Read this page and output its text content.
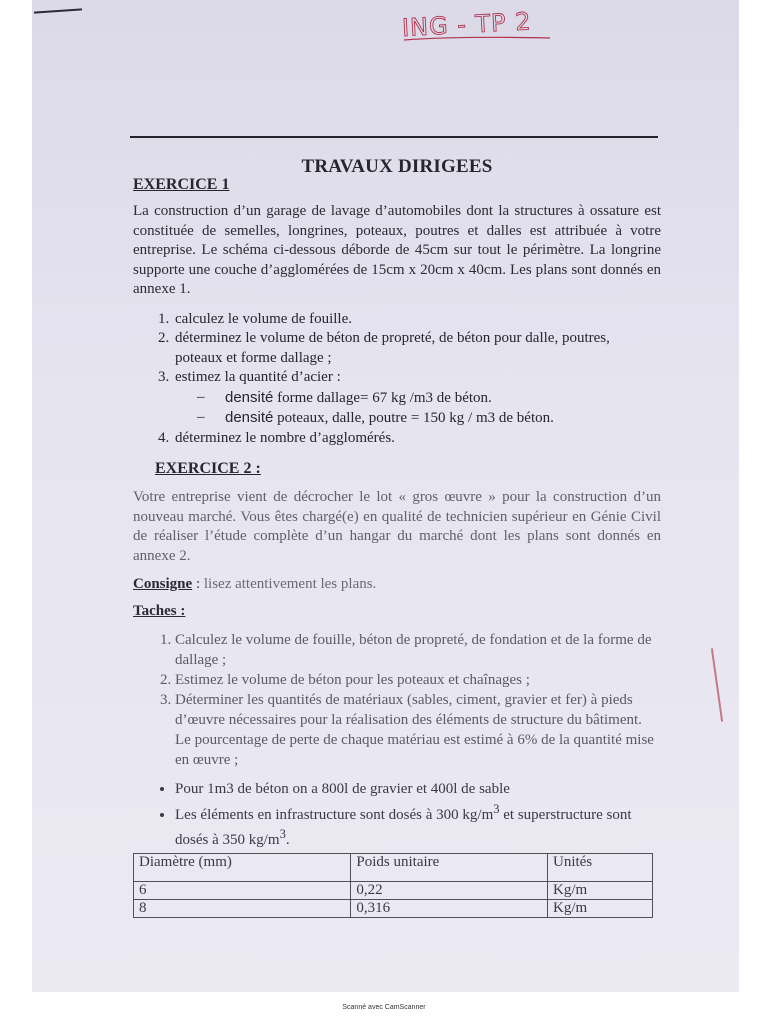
ING - TP 2
TRAVAUX DIRIGEES
EXERCICE 1

La construction d’un garage de lavage d’automobiles dont la structures à ossature est constituée de semelles, longrines, poteaux, poutres et dalles est attribuée à votre entreprise. Le schéma ci-dessous déborde de 45cm sur tout le périmètre. La longrine supporte une couche d’agglomérées de 15cm x 20cm x 40cm. Les plans sont donnés en annexe 1.

1. calculez le volume de fouille.
2. déterminez le volume de béton de propreté, de béton pour dalle, poutres, poteaux et forme dallage ;
3. estimez la quantité d’acier :
– densité forme dallage= 67 kg /m3 de béton.
– densité poteaux, dalle, poutre = 150 kg / m3 de béton.
4. déterminez le nombre d’agglomérés.
EXERCICE 2 :

Votre entreprise vient de décrocher le lot « gros œuvre » pour la construction d’un nouveau marché. Vous êtes chargé(e) en qualité de technicien supérieur en Génie Civil de réaliser l’étude complète d’un hangar du marché dont les plans sont donnés en annexe 2.

Consigne : lisez attentivement les plans.

Taches :

1. Calculez le volume de fouille, béton de propreté, de fondation et de la forme de dallage ;
2. Estimez le volume de béton pour les poteaux et chaînages ;
3. Déterminer les quantités de matériaux (sables, ciment, gravier et fer) à pieds d’œuvre nécessaires pour la réalisation des éléments de structure du bâtiment. Le pourcentage de perte de chaque matériau est estimé à 6% de la quantité mise en œuvre ;
• Pour 1m3 de béton on a 800l de gravier et 400l de sable
• Les éléments en infrastructure sont dosés à 300 $kg/m^3$ et superstructure sont dosés à 350 $kg/m^3$.
Diamètre (mm)	Poids unitaire	Unités
6	0,22	Kg/m
8	0,316	Kg/m
Scanné avec CamScanner
